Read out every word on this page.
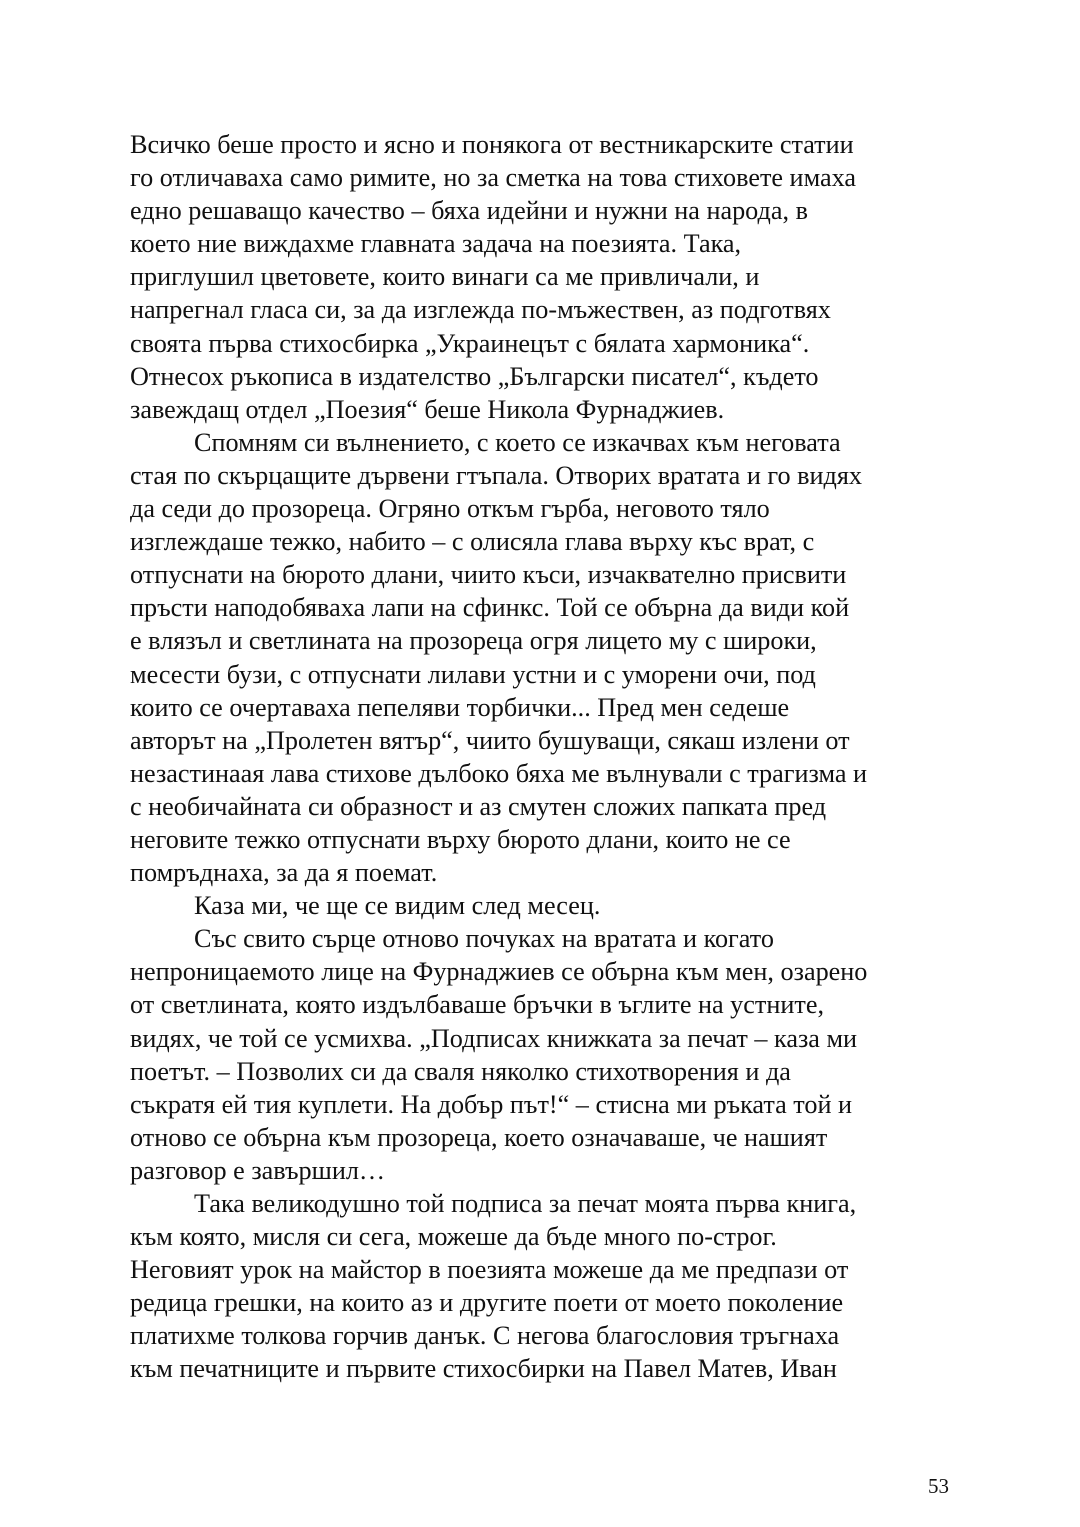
Всичко беше просто и ясно и понякога от вестникарските статии
го отличаваха само римите, но за сметка на това стиховете имаха
едно решаващо качество – бяха идейни и нужни на народа, в
което ние виждахме главната задача на поезията. Така,
приглушил цветовете, които винаги са ме привличали, и
напрегнал гласа си, за да изглежда по-мъжествен, аз подготвях
своята първа стихосбирка „Украинецът с бялата хармоника“.
Отнесох ръкописа в издателство „Български писател“, където
завеждащ отдел „Поезия“ беше Никола Фурнаджиев.
Спомням си вълнението, с което се изкачвах към неговата
стая по скърцащите дървени гтъпала. Отворих вратата и го видях
да седи до прозореца. Огряно откъм гърба, неговото тяло
изглеждаше тежко, набито – с олисяла глава върху къс врат, с
отпуснати на бюрото длани, чиито къси, изчаквателно присвити
пръсти наподобяваха лапи на сфинкс. Той се обърна да види кой
е влязъл и светлината на прозореца огря лицето му с широки,
месести бузи, с отпуснати лилави устни и с уморени очи, под
които се очертаваха пепеляви торбички... Пред мен седеше
авторът на „Пролетен вятър“, чиито бушуващи, сякаш излени от
незастинаая лава стихове дълбоко бяха ме вълнували с трагизма и
с необичайната си образност и аз смутен сложих папката пред
неговите тежко отпуснати върху бюрото длани, които не се
помръднаха, за да я поемат.
Каза ми, че ще се видим след месец.
Със свито сърце отново почуках на вратата и когато
непроницаемото лице на Фурнаджиев се обърна към мен, озарено
от светлината, която издълбаваше бръчки в ъглите на устните,
видях, че той се усмихва. „Подписах книжката за печат – каза ми
поетът. – Позволих си да сваля няколко стихотворения и да
съкратя ей тия куплети. На добър път!“ – стисна ми ръката той и
отново се обърна към прозореца, което означаваше, че нашият
разговор е завършил…
Така великодушно той подписа за печат моята първа книга,
към която, мисля си сега, можеше да бъде много по-строг.
Неговият урок на майстор в поезията можеше да ме предпази от
редица грешки, на които аз и другите поети от моето поколение
платихме толкова горчив данък. С негова благословия тръгнаха
към печатниците и първите стихосбирки на Павел Матев, Иван
53
